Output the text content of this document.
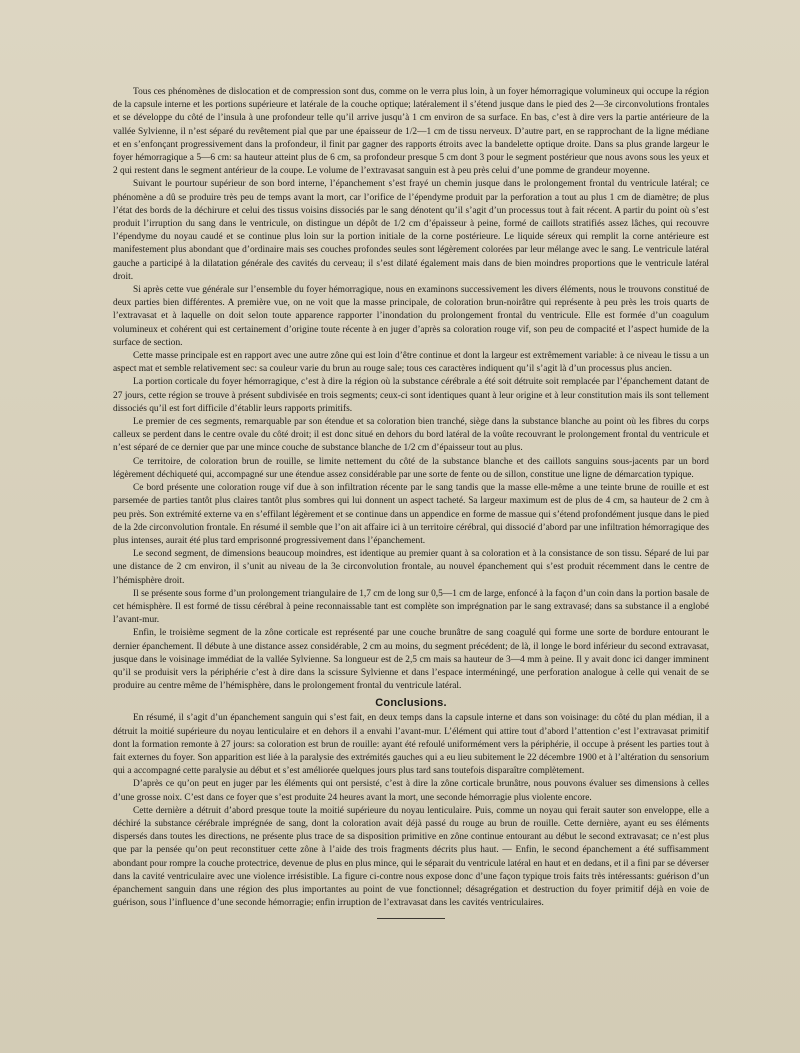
Tous ces phénomènes de dislocation et de compression sont dus, comme on le verra plus loin, à un foyer hémorragique volumineux qui occupe la région de la capsule interne et les portions supérieure et latérale de la couche optique; latéralement il s’étend jusque dans le pied des 2—3e circonvolutions frontales et se développe du côté de l’insula à une profondeur telle qu’il arrive jusqu’à 1 cm environ de sa surface. En bas, c’est à dire vers la partie antérieure de la vallée Sylvienne, il n’est séparé du revêtement pial que par une épaisseur de 1/2—1 cm de tissu nerveux. D’autre part, en se rapprochant de la ligne médiane et en s’enfonçant progressivement dans la profondeur, il finit par gagner des rapports étroits avec la bandelette optique droite. Dans sa plus grande largeur le foyer hémorragique a 5—6 cm: sa hauteur atteint plus de 6 cm, sa profondeur presque 5 cm dont 3 pour le segment postérieur que nous avons sous les yeux et 2 qui restent dans le segment antérieur de la coupe. Le volume de l’extravasat sanguin est à peu près celui d’une pomme de grandeur moyenne.

Suivant le pourtour supérieur de son bord interne, l’épanchement s’est frayé un chemin jusque dans le prolongement frontal du ventricule latéral; ce phénomène a dû se produire très peu de temps avant la mort, car l’orifice de l’épendyme produit par la perforation a tout au plus 1 cm de diamètre; de plus l’état des bords de la déchirure et celui des tissus voisins dissociés par le sang dénotent qu’il s’agit d’un processus tout à fait récent. A partir du point où s’est produit l’irruption du sang dans le ventricule, on distingue un dépôt de 1/2 cm d’épaisseur à peine, formé de caillots stratifiés assez lâches, qui recouvre l’épendyme du noyau caudé et se continue plus loin sur la portion initiale de la corne postérieure. Le liquide séreux qui remplit la corne antérieure est manifestement plus abondant que d’ordinaire mais ses couches profondes seules sont légèrement colorées par leur mélange avec le sang. Le ventricule latéral gauche a participé à la dilatation générale des cavités du cerveau; il s’est dilaté également mais dans de bien moindres proportions que le ventricule latéral droit.

Si après cette vue générale sur l’ensemble du foyer hémorragique, nous en examinons successivement les divers éléments, nous le trouvons constitué de deux parties bien différentes. A première vue, on ne voit que la masse principale, de coloration brun-noirâtre qui représente à peu près les trois quarts de l’extravasat et à laquelle on doit selon toute apparence rapporter l’inondation du prolongement frontal du ventricule. Elle est formée d’un coagulum volumineux et cohérent qui est certainement d’origine toute récente à en juger d’après sa coloration rouge vif, son peu de compacité et l’aspect humide de la surface de section.

Cette masse principale est en rapport avec une autre zône qui est loin d’être continue et dont la largeur est extrêmement variable: à ce niveau le tissu a un aspect mat et semble relativement sec: sa couleur varie du brun au rouge sale; tous ces caractères indiquent qu’il s’agit là d’un processus plus ancien.

La portion corticale du foyer hémorragique, c’est à dire la région où la substance cérébrale a été soit détruite soit remplacée par l’épanchement datant de 27 jours, cette région se trouve à présent subdivisée en trois segments; ceux-ci sont identiques quant à leur origine et à leur constitution mais ils sont tellement dissociés qu’il est fort difficile d’établir leurs rapports primitifs.

Le premier de ces segments, remarquable par son étendue et sa coloration bien tranché, siège dans la substance blanche au point où les fibres du corps calleux se perdent dans le centre ovale du côté droit; il est donc situé en dehors du bord latéral de la voûte recouvrant le prolongement frontal du ventricule et n’est séparé de ce dernier que par une mince couche de substance blanche de 1/2 cm d’épaisseur tout au plus.

Ce territoire, de coloration brun de rouille, se limite nettement du côté de la substance blanche et des caillots sanguins sous-jacents par un bord légèrement déchiqueté qui, accompagné sur une étendue assez considérable par une sorte de fente ou de sillon, constitue une ligne de démarcation typique.

Ce bord présente une coloration rouge vif due à son infiltration récente par le sang tandis que la masse elle-même a une teinte brune de rouille et est parsemée de parties tantôt plus claires tantôt plus sombres qui lui donnent un aspect tacheté. Sa largeur maximum est de plus de 4 cm, sa hauteur de 2 cm à peu près. Son extrémité externe va en s’effilant légèrement et se continue dans un appendice en forme de massue qui s’étend profondément jusque dans le pied de la 2de circonvolution frontale. En résumé il semble que l’on ait affaire ici à un territoire cérébral, qui dissocié d’abord par une infiltration hémorragique des plus intenses, aurait été plus tard emprisonné progressivement dans l’épanchement.

Le second segment, de dimensions beaucoup moindres, est identique au premier quant à sa coloration et à la consistance de son tissu. Séparé de lui par une distance de 2 cm environ, il s’unit au niveau de la 3e circonvolution frontale, au nouvel épanchement qui s’est produit récemment dans le centre de l’hémisphère droit.

Il se présente sous forme d’un prolongement triangulaire de 1,7 cm de long sur 0,5—1 cm de large, enfoncé à la façon d’un coin dans la portion basale de cet hémisphère. Il est formé de tissu cérébral à peine reconnaissable tant est complète son imprégnation par le sang extravasé; dans sa substance il a englobé l’avant-mur.

Enfin, le troisième segment de la zône corticale est représenté par une couche brunâtre de sang coagulé qui forme une sorte de bordure entourant le dernier épanchement. Il débute à une distance assez considérable, 2 cm au moins, du segment précédent; de là, il longe le bord inférieur du second extravasat, jusque dans le voisinage immédiat de la vallée Sylvienne. Sa longueur est de 2,5 cm mais sa hauteur de 3—4 mm à peine. Il y avait donc ici danger imminent qu’il se produisit vers la périphérie c’est à dire dans la scissure Sylvienne et dans l’espace interméningé, une perforation analogue à celle qui venait de se produire au centre même de l’hémisphère, dans le prolongement frontal du ventricule latéral.

Conclusions.

En résumé, il s’agit d’un épanchement sanguin qui s’est fait, en deux temps dans la capsule interne et dans son voisinage: du côté du plan médian, il a détruit la moitié supérieure du noyau lenticulaire et en dehors il a envahi l’avant-mur. L’élément qui attire tout d’abord l’attention c’est l’extravasat primitif dont la formation remonte à 27 jours: sa coloration est brun de rouille: ayant été refoulé uniformément vers la périphérie, il occupe à présent les parties tout à fait externes du foyer. Son apparition est liée à la paralysie des extrémités gauches qui a eu lieu subitement le 22 décembre 1900 et à l’altération du sensorium qui a accompagné cette paralysie au début et s’est améliorée quelques jours plus tard sans toutefois disparaître complètement.

D’après ce qu’on peut en juger par les éléments qui ont persisté, c’est à dire la zône corticale brunâtre, nous pouvons évaluer ses dimensions à celles d’une grosse noix. C’est dans ce foyer que s’est produite 24 heures avant la mort, une seconde hémorragie plus violente encore.

Cette dernière a détruit d’abord presque toute la moitié supérieure du noyau lenticulaire. Puis, comme un noyau qui ferait sauter son enveloppe, elle a déchiré la substance cérébrale imprégnée de sang, dont la coloration avait déjà passé du rouge au brun de rouille. Cette dernière, ayant eu ses éléments dispersés dans toutes les directions, ne présente plus trace de sa disposition primitive en zône continue entourant au début le second extravasat; ce n’est plus que par la pensée qu’on peut reconstituer cette zône à l’aide des trois fragments décrits plus haut. — Enfin, le second épanchement a été suffisamment abondant pour rompre la couche protectrice, devenue de plus en plus mince, qui le séparait du ventricule latéral en haut et en dedans, et il a fini par se déverser dans la cavité ventriculaire avec une violence irrésistible. La figure ci-contre nous expose donc d’une façon typique trois faits très intéressants: guérison d’un épanchement sanguin dans une région des plus importantes au point de vue fonctionnel; désagrégation et destruction du foyer primitif déjà en voie de guérison, sous l’influence d’une seconde hémorragie; enfin irruption de l’extravasat dans les cavités ventriculaires.
